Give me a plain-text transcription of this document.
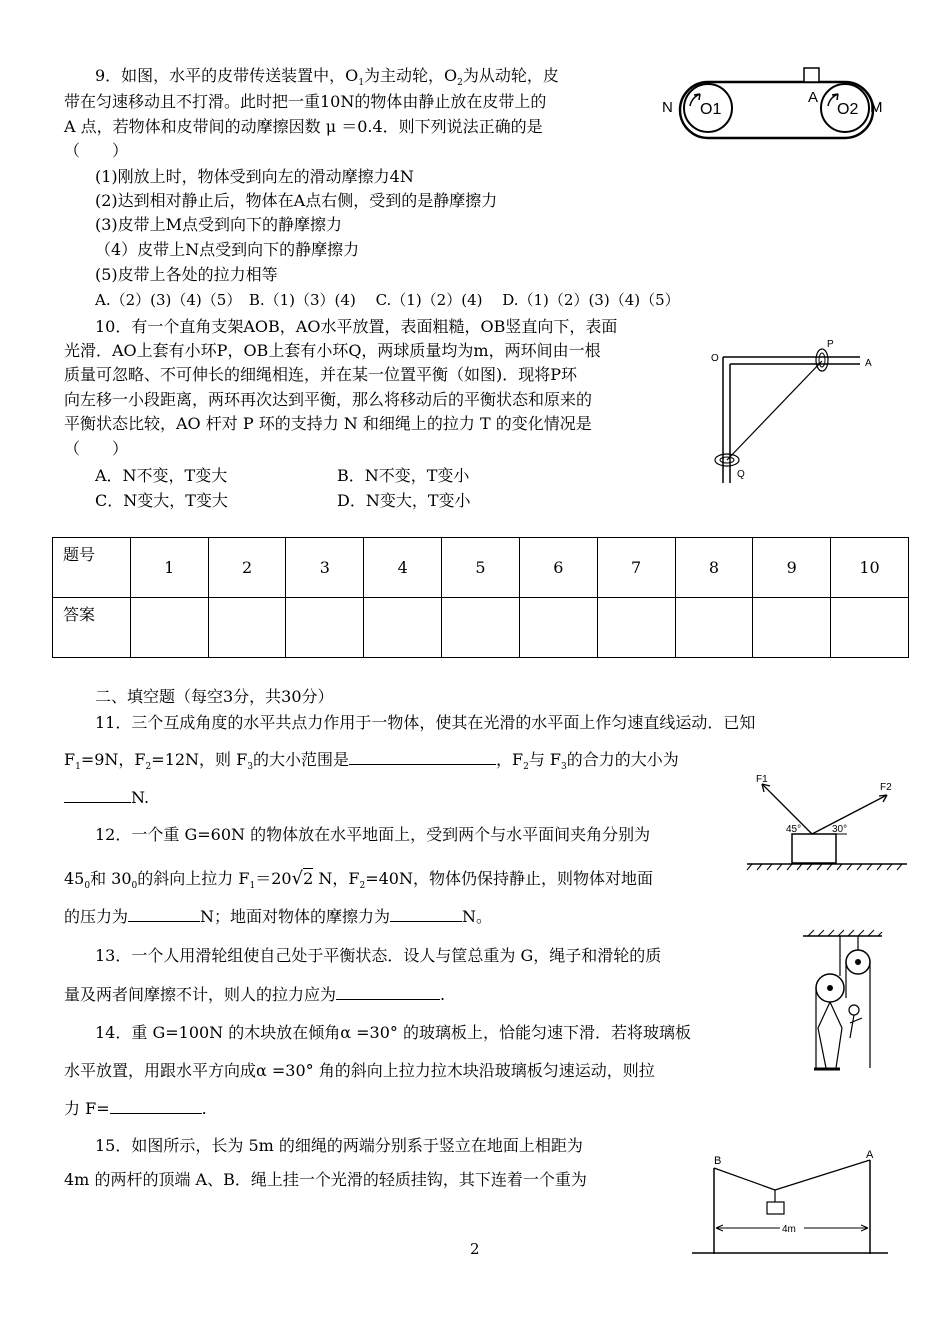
9．如图，水平的皮带传送装置中，$O_1$为主动轮，$O_2$为从动轮，皮
带在匀速移动且不打滑。此时把一重10N的物体由静止放在皮带上的
A 点，若物体和皮带间的动摩擦因数 μ ＝0.4．则下列说法正确的是
（　　）
(1)刚放上时，物体受到向左的滑动摩擦力4N
(2)达到相对静止后，物体在A点右侧，受到的是静摩擦力
(3)皮带上M点受到向下的静摩擦力
（4）皮带上N点受到向下的静摩擦力
(5)皮带上各处的拉力相等
A.（2）(3)（4)（5）　B.（1)（3）(4)　 C.（1)（2）(4)　 D.（1)（2）(3)（4)（5）
N O1
A
O2 M
10．有一个直角支架AOB，AO水平放置，表面粗糙，OB竖直向下，表面
光滑．AO上套有小环P，OB上套有小环Q，两球质量均为m，两环间由一根
质量可忽略、不可伸长的细绳相连，并在某一位置平衡（如图)．现将P环
向左移一小段距离，两环再次达到平衡，那么将移动后的平衡状态和原来的
平衡状态比较，AO 杆对 P 环的支持力 N 和细绳上的拉力 T 的变化情况是
（　　）
A．N不变，T变大	B．N不变，T变小
C．N变大，T变大	D．N变大，T变小
O
P
A
Q
题号	1	2	3	4	5	6	7	8	9	10
答案										
二、填空题（每空3分，共30分）
11．三个互成角度的水平共点力作用于一物体，使其在光滑的水平面上作匀速直线运动．已知
$F_1=9N$，$F_2=12N$，则 $F_3$的大小范围是	，$F_2$与 $F_3$的合力的大小为
N.
F1
F2
45°	30°
12．一个重 G=60N 的物体放在水平地面上，受到两个与水平面间夹角分别为
$45_0$和 $30_0$的斜向上拉力 $F_1=20√2$ N，$F_2=40N$，物体仍保持静止，则物体对地面
的压力为	N；地面对物体的摩擦力为	N。
13．一个人用滑轮组使自己处于平衡状态．设人与筐总重为 G，绳子和滑轮的质
量及两者间摩擦不计，则人的拉力应为	.
14．重 G=100N 的木块放在倾角α =30° 的玻璃板上，恰能匀速下滑．若将玻璃板
水平放置，用跟水平方向成α =30° 角的斜向上拉力拉木块沿玻璃板匀速运动，则拉
力 F=	.
15．如图所示，长为 5m 的细绳的两端分别系于竖立在地面上相距为
4m 的两杆的顶端 A、B．绳上挂一个光滑的轻质挂钩，其下连着一个重为
4m
B	A
2
